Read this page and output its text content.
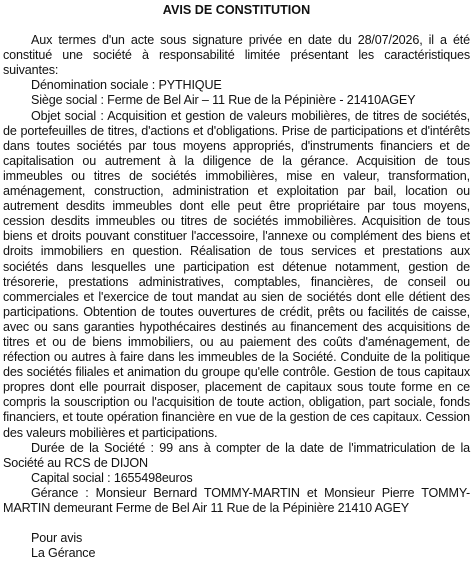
AVIS DE CONSTITUTION

Aux termes d'un acte sous signature privée en date du 28/07/2026, il a été constitué une société à responsabilité limitée présentant les caractéristiques suivantes:

Dénomination sociale : PYTHIQUE

Siège social : Ferme de Bel Air – 11 Rue de la Pépinière - 21410AGEY

Objet social : Acquisition et gestion de valeurs mobilières, de titres de sociétés, de portefeuilles de titres, d'actions et d'obligations. Prise de participations et d'intérêts dans toutes sociétés par tous moyens appropriés, d'instruments financiers et de capitalisation ou autrement à la diligence de la gérance. Acquisition de tous immeubles ou titres de sociétés immobilières, mise en valeur, transformation, aménagement, construction, administration et exploitation par bail, location ou autrement desdits immeubles dont elle peut être propriétaire par tous moyens, cession desdits immeubles ou titres de sociétés immobilières. Acquisition de tous biens et droits pouvant constituer l'accessoire, l'annexe ou complément des biens et droits immobiliers en question. Réalisation de tous services et prestations aux sociétés dans lesquelles une participation est détenue notamment, gestion de trésorerie, prestations administratives, comptables, financières, de conseil ou commerciales et l'exercice de tout mandat au sien de sociétés dont elle détient des participations. Obtention de toutes ouvertures de crédit, prêts ou facilités de caisse, avec ou sans garanties hypothécaires destinés au financement des acquisitions de titres et ou de biens immobiliers, ou au paiement des coûts d'aménagement, de réfection ou autres à faire dans les immeubles de la Société. Conduite de la politique des sociétés filiales et animation du groupe qu'elle contrôle. Gestion de tous capitaux propres dont elle pourrait disposer, placement de capitaux sous toute forme en ce compris la souscription ou l'acquisition de toute action, obligation, part sociale, fonds financiers, et toute opération financière en vue de la gestion de ces capitaux. Cession des valeurs mobilières et participations.

Durée de la Société : 99 ans à compter de la date de l'immatriculation de la Société au RCS de DIJON

Capital social : 1655498euros

Gérance : Monsieur Bernard TOMMY-MARTIN et Monsieur Pierre TOMMY-MARTIN demeurant Ferme de Bel Air 11 Rue de la Pépinière 21410 AGEY

Pour avis

La Gérance
